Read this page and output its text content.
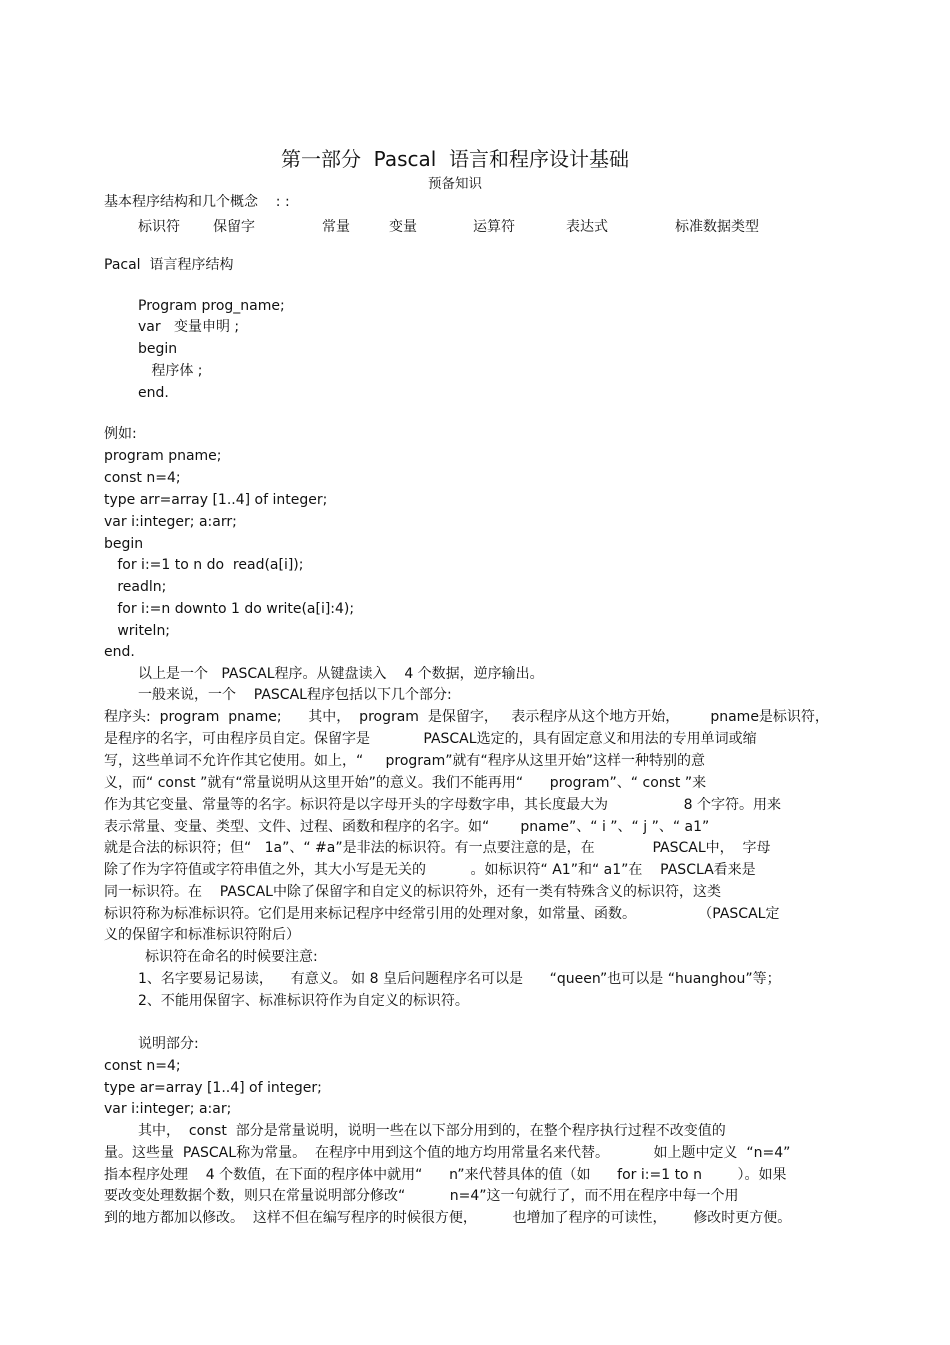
第一部分  Pascal  语言和程序设计基础
预备知识
基本程序结构和几个概念    : :
标识符 保留字	常量	变量	运算符	表达式	标准数据类型
Pacal  语言程序结构
Program prog_name;
var   变量申明 ;
begin
程序体 ;
end.
例如:
program pname;
const n=4;
type arr=array [1..4] of integer;
var i:integer; a:arr;
begin
for i:=1 to n do  read(a[i]);
readln;
for i:=n downto 1 do write(a[i]:4);
writeln;
end.
以上是一个   PASCAL程序。从键盘读入    4 个数据，逆序输出。
一般来说，一个    PASCAL程序包括以下几个部分:
程序头:  program  pname;      其中，  program  是保留字，   表示程序从这个地方开始，       pname是标识符，
是程序的名字，可由程序员自定。保留字是            PASCAL选定的，具有固定意义和用法的专用单词或缩
写，这些单词不允许作其它使用。如上，“     program”就有“程序从这里开始”这样一种特别的意
义，而“ const ”就有“常量说明从这里开始”的意义。我们不能再用“      program”、“ const ”来
作为其它变量、常量等的名字。标识符是以字母开头的字母数字串，其长度最大为                 8 个字符。用来
表示常量、变量、类型、文件、过程、函数和程序的名字。如“       pname”、“ i ”、“ j ”、“ a1”
就是合法的标识符；但“   1a”、“ #a”是非法的标识符。有一点要注意的是，在             PASCAL中，  字母
除了作为字符值或字符串值之外，其大小写是无关的          。如标识符“ A1”和“ a1”在    PASCLA看来是
同一标识符。在    PASCAL中除了保留字和自定义的标识符外，还有一类有特殊含义的标识符，这类
标识符称为标准标识符。它们是用来标记程序中经常引用的处理对象，如常量、函数。              （PASCAL定
义的保留字和标准标识符附后）
标识符在命名的时候要注意:
1、名字要易记易读，    有意义。 如 8 皇后问题程序名可以是      “queen”也可以是 “huanghou”等；
2、不能用保留字、标准标识符作为自定义的标识符。
说明部分:
const n=4;
type ar=array [1..4] of integer;
var i:integer; a:ar;
其中，  const  部分是常量说明，说明一些在以下部分用到的，在整个程序执行过程不改变值的
量。这些量  PASCAL称为常量。  在程序中用到这个值的地方均用常量名来代替。          如上题中定义  “n=4”
指本程序处理    4 个数值，在下面的程序体中就用“      n”来代替具体的值（如      for i:=1 to n        ）。如果
要改变处理数据个数，则只在常量说明部分修改“          n=4”这一句就行了，而不用在程序中每一个用
到的地方都加以修改。  这样不但在编写程序的时候很方便，        也增加了程序的可读性，      修改时更方便。
